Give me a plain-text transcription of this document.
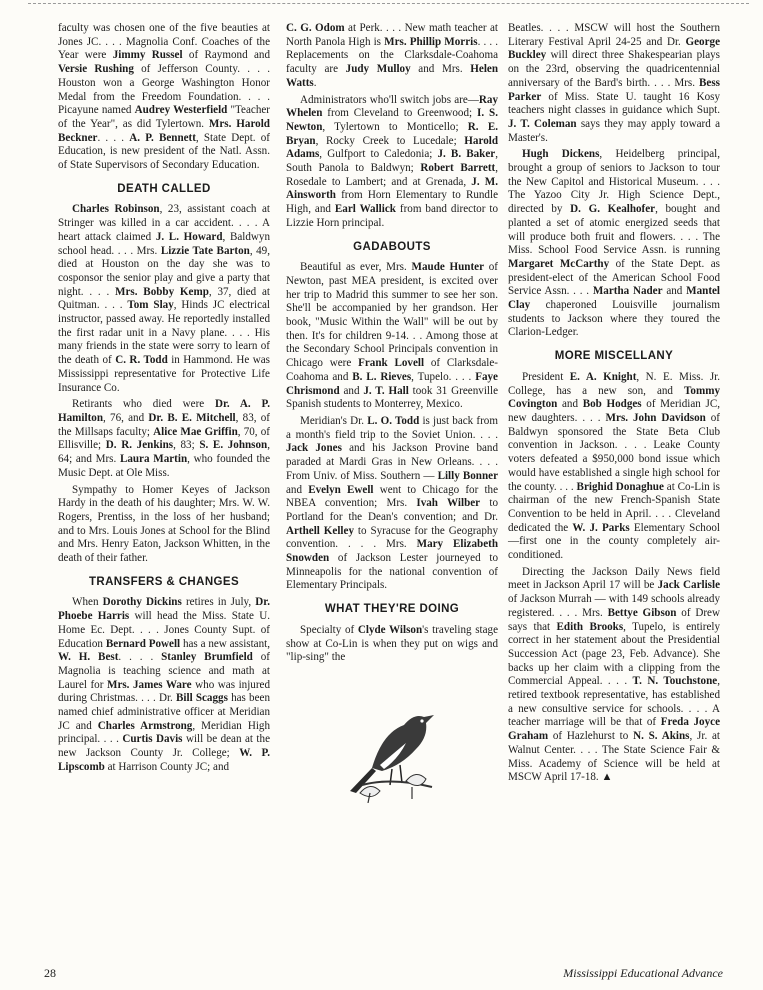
faculty was chosen one of the five beauties at Jones JC. . . . Magnolia Conf. Coaches of the Year were Jimmy Russel of Raymond and Versie Rushing of Jefferson County. . . . Houston won a George Washington Honor Medal from the Freedom Foundation. . . . Picayune named Audrey Westerfield "Teacher of the Year", as did Tylertown. Mrs. Harold Beckner. . . . A. P. Bennett, State Dept. of Education, is new president of the Natl. Assn. of State Supervisors of Secondary Education.

DEATH CALLED

Charles Robinson, 23, assistant coach at Stringer was killed in a car accident. . . . A heart attack claimed J. L. Howard, Baldwyn school head. . . . Mrs. Lizzie Tate Barton, 49, died at Houston on the day she was to cosponsor the senior play and give a party that night. . . . Mrs. Bobby Kemp, 37, died at Quitman. . . . Tom Slay, Hinds JC electrical instructor, passed away. He reportedly installed the first radar unit in a Navy plane. . . . His many friends in the state were sorry to learn of the death of C. R. Todd in Hammond. He was Mississippi representative for Protective Life Insurance Co.

Retirants who died were Dr. A. P. Hamilton, 76, and Dr. B. E. Mitchell, 83, of the Millsaps faculty; Alice Mae Griffin, 70, of Ellisville; D. R. Jenkins, 83; S. E. Johnson, 64; and Mrs. Laura Martin, who founded the Music Dept. at Ole Miss.

Sympathy to Homer Keyes of Jackson Hardy in the death of his daughter; Mrs. W. W. Rogers, Prentiss, in the loss of her husband; and to Mrs. Louis Jones at School for the Blind and Mrs. Henry Eaton, Jackson Whitten, in the death of their father.

TRANSFERS & CHANGES

When Dorothy Dickins retires in July, Dr. Phoebe Harris will head the Miss. State U. Home Ec. Dept. . . . Jones County Supt. of Education Bernard Powell has a new assistant, W. H. Best. . . . Stanley Brumfield of Magnolia is teaching science and math at Laurel for Mrs. James Ware who was injured during Christmas. . . . Dr. Bill Scaggs has been named chief administrative officer at Meridian JC and Charles Armstrong, Meridian High principal. . . . Curtis Davis will be dean at the new Jackson County Jr. College; W. P. Lipscomb at Harrison County JC; and

C. G. Odom at Perk. . . . New math teacher at North Panola High is Mrs. Phillip Morris. . . . Replacements on the Clarksdale-Coahoma faculty are Judy Mulloy and Mrs. Helen Watts.

Administrators who'll switch jobs are—Ray Whelen from Cleveland to Greenwood; I. S. Newton, Tylertown to Monticello; R. E. Bryan, Rocky Creek to Lucedale; Harold Adams, Gulfport to Caledonia; J. B. Baker, South Panola to Baldwyn; Robert Barrett, Rosedale to Lambert; and at Grenada, J. M. Ainsworth from Horn Elementary to Rundle High, and Earl Wallick from band director to Lizzie Horn principal.

GADABOUTS

Beautiful as ever, Mrs. Maude Hunter of Newton, past MEA president, is excited over her trip to Madrid this summer to see her son. She'll be accompanied by her grandson. Her book, "Music Within the Wall" will be out by then. It's for children 9-14. . . Among those at the Secondary School Principals convention in Chicago were Frank Lovell of Clarksdale-Coahoma and B. L. Rieves, Tupelo. . . . Faye Chrismond and J. T. Hall took 31 Greenville Spanish students to Monterrey, Mexico.

Meridian's Dr. L. O. Todd is just back from a month's field trip to the Soviet Union. . . . Jack Jones and his Jackson Provine band paraded at Mardi Gras in New Orleans. . . . From Univ. of Miss. Southern — Lilly Bonner and Evelyn Ewell went to Chicago for the NBEA convention; Mrs. Ivah Wilber to Portland for the Dean's convention; and Dr. Arthell Kelley to Syracuse for the Geography convention. . . . Mrs. Mary Elizabeth Snowden of Jackson Lester journeyed to Minneapolis for the national convention of Elementary Principals.

WHAT THEY'RE DOING

Specialty of Clyde Wilson's traveling stage show at Co-Lin is when they put on wigs and "lip-sing" the

Beatles. . . . MSCW will host the Southern Literary Festival April 24-25 and Dr. George Buckley will direct three Shakespearian plays on the 23rd, observing the quadricentennial anniversary of the Bard's birth. . . . Mrs. Bess Parker of Miss. State U. taught 16 Kosy teachers night classes in guidance which Supt. J. T. Coleman says they may apply toward a Master's.

Hugh Dickens, Heidelberg principal, brought a group of seniors to Jackson to tour the New Capitol and Historical Museum. . . . The Yazoo City Jr. High Science Dept., directed by D. G. Kealhofer, bought and planted a set of atomic energized seeds that will produce both fruit and flowers. . . . The Miss. School Food Service Assn. is running Margaret McCarthy of the State Dept. as president-elect of the American School Food Service Assn. . . . Martha Nader and Mantel Clay chaperoned Louisville journalism students to Jackson where they toured the Clarion-Ledger.

MORE MISCELLANY

President E. A. Knight, N. E. Miss. Jr. College, has a new son, and Tommy Covington and Bob Hodges of Meridian JC, new daughters. . . . Mrs. John Davidson of Baldwyn sponsored the State Beta Club convention in Jackson. . . . Leake County voters defeated a $950,000 bond issue which would have established a single high school for the county. . . . Brighid Donaghue at Co-Lin is chairman of the new French-Spanish State Convention to be held in April. . . . Cleveland dedicated the W. J. Parks Elementary School—first one in the county completely air-conditioned.

Directing the Jackson Daily News field meet in Jackson April 17 will be Jack Carlisle of Jackson Murrah — with 149 schools already registered. . . . Mrs. Bettye Gibson of Drew says that Edith Brooks, Tupelo, is entirely correct in her statement about the Presidential Succession Act (page 23, Feb. Advance). She backs up her claim with a clipping from the Commercial Appeal. . . . T. N. Touchstone, retired textbook representative, has established a new consultive service for schools. . . . A teacher marriage will be that of Freda Joyce Graham of Hazlehurst to N. S. Akins, Jr. at Walnut Center. . . . The State Science Fair & Miss. Academy of Science will be held at MSCW April 17-18. ▲

28	Mississippi Educational Advance
